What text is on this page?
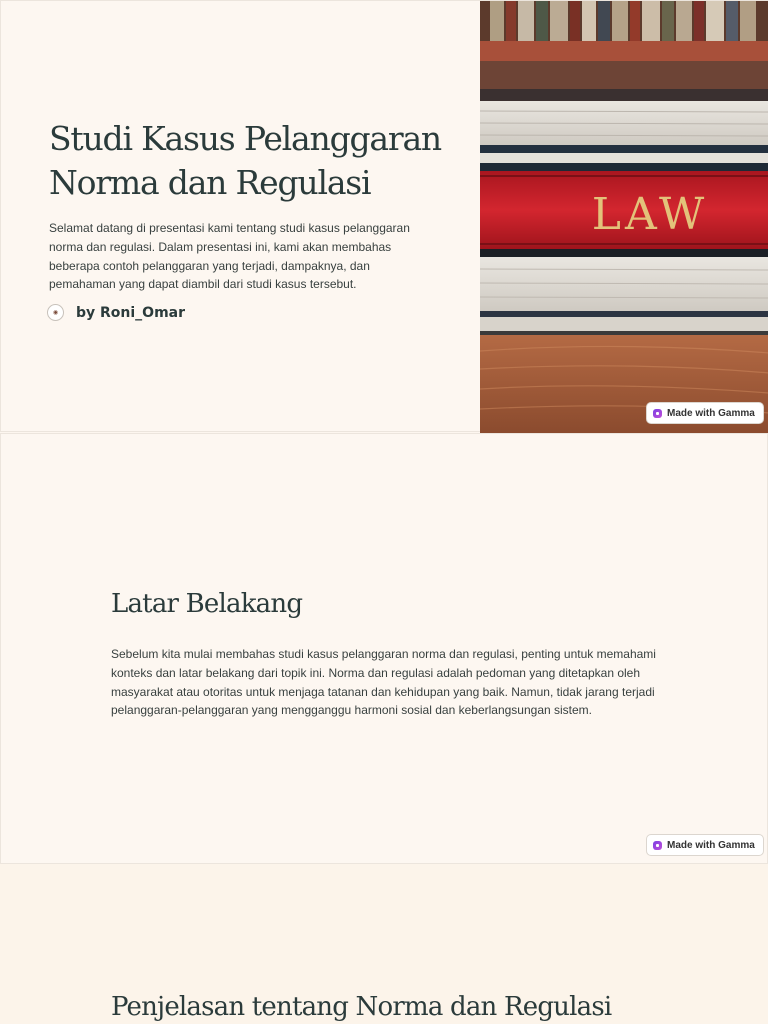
Studi Kasus Pelanggaran Norma dan Regulasi

Selamat datang di presentasi kami tentang studi kasus pelanggaran norma dan regulasi. Dalam presentasi ini, kami akan membahas beberapa contoh pelanggaran yang terjadi, dampaknya, dan pemahaman yang dapat diambil dari studi kasus tersebut.

◉	by Roni_Omar
LAW
Made with Gamma
Latar Belakang

Sebelum kita mulai membahas studi kasus pelanggaran norma dan regulasi, penting untuk memahami konteks dan latar belakang dari topik ini. Norma dan regulasi adalah pedoman yang ditetapkan oleh masyarakat atau otoritas untuk menjaga tatanan dan kehidupan yang baik. Namun, tidak jarang terjadi pelanggaran-pelanggaran yang mengganggu harmoni sosial dan keberlangsungan sistem.

Made with Gamma
Penjelasan tentang Norma dan Regulasi
